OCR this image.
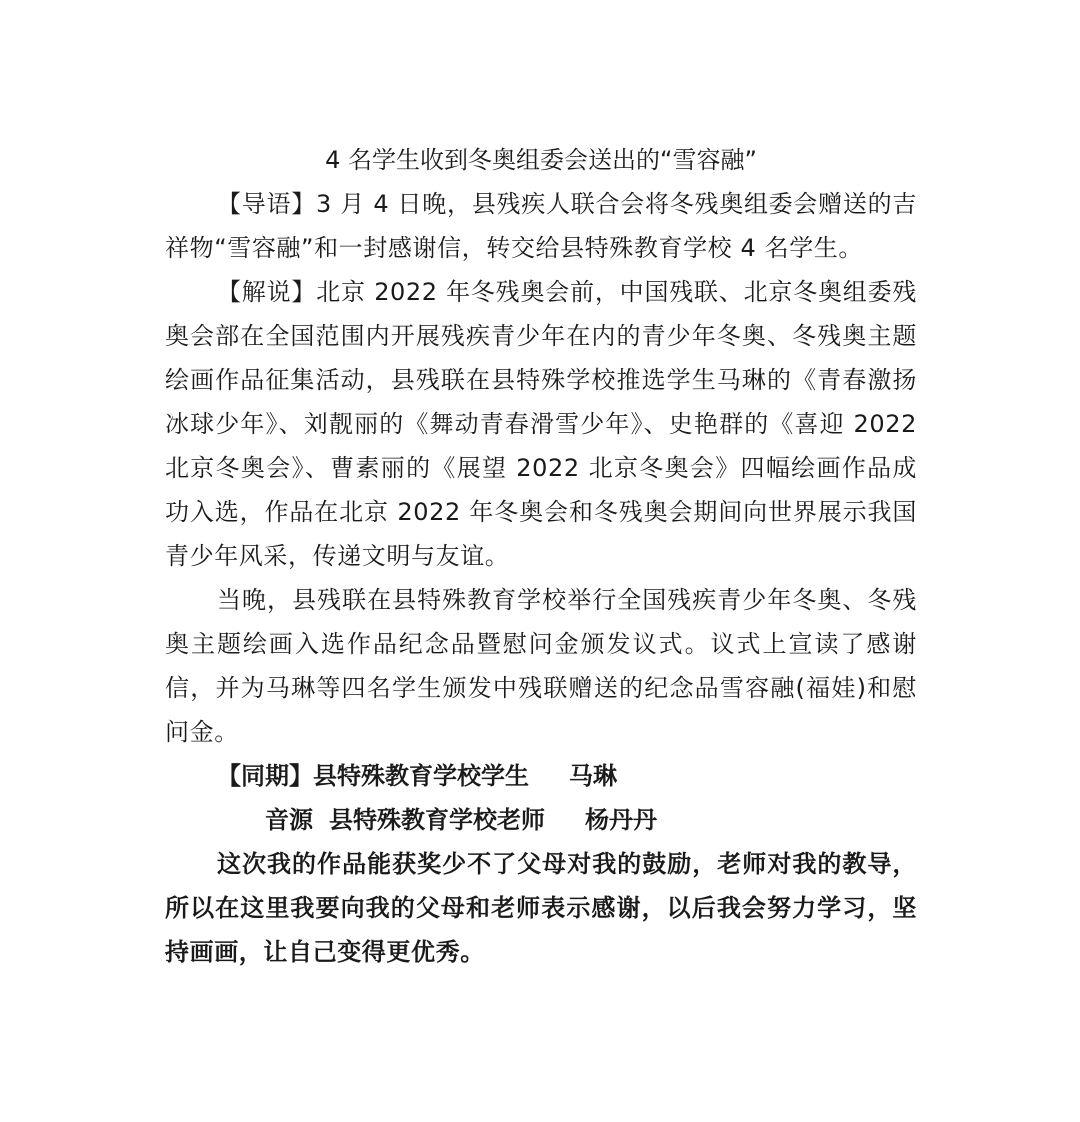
4 名学生收到冬奥组委会送出的“雪容融”

【导语】3 月 4 日晚，县残疾人联合会将冬残奥组委会赠送的吉祥物“雪容融”和一封感谢信，转交给县特殊教育学校 4 名学生。

【解说】北京 2022 年冬残奥会前，中国残联、北京冬奥组委残奥会部在全国范围内开展残疾青少年在内的青少年冬奥、冬残奥主题绘画作品征集活动，县残联在县特殊学校推选学生马琳的《青春激扬冰球少年》、刘靓丽的《舞动青春滑雪少年》、史艳群的《喜迎 2022 北京冬奥会》、曹素丽的《展望 2022 北京冬奥会》四幅绘画作品成功入选，作品在北京 2022 年冬奥会和冬残奥会期间向世界展示我国青少年风采，传递文明与友谊。

当晚，县残联在县特殊教育学校举行全国残疾青少年冬奥、冬残奥主题绘画入选作品纪念品暨慰问金颁发议式。议式上宣读了感谢信，并为马琳等四名学生颁发中残联赠送的纪念品雪容融(福娃)和慰问金。

【同期】县特殊教育学校学生 马琳
音源 县特殊教育学校老师 杨丹丹

这次我的作品能获奖少不了父母对我的鼓励，老师对我的教导，所以在这里我要向我的父母和老师表示感谢，以后我会努力学习，坚持画画，让自己变得更优秀。
